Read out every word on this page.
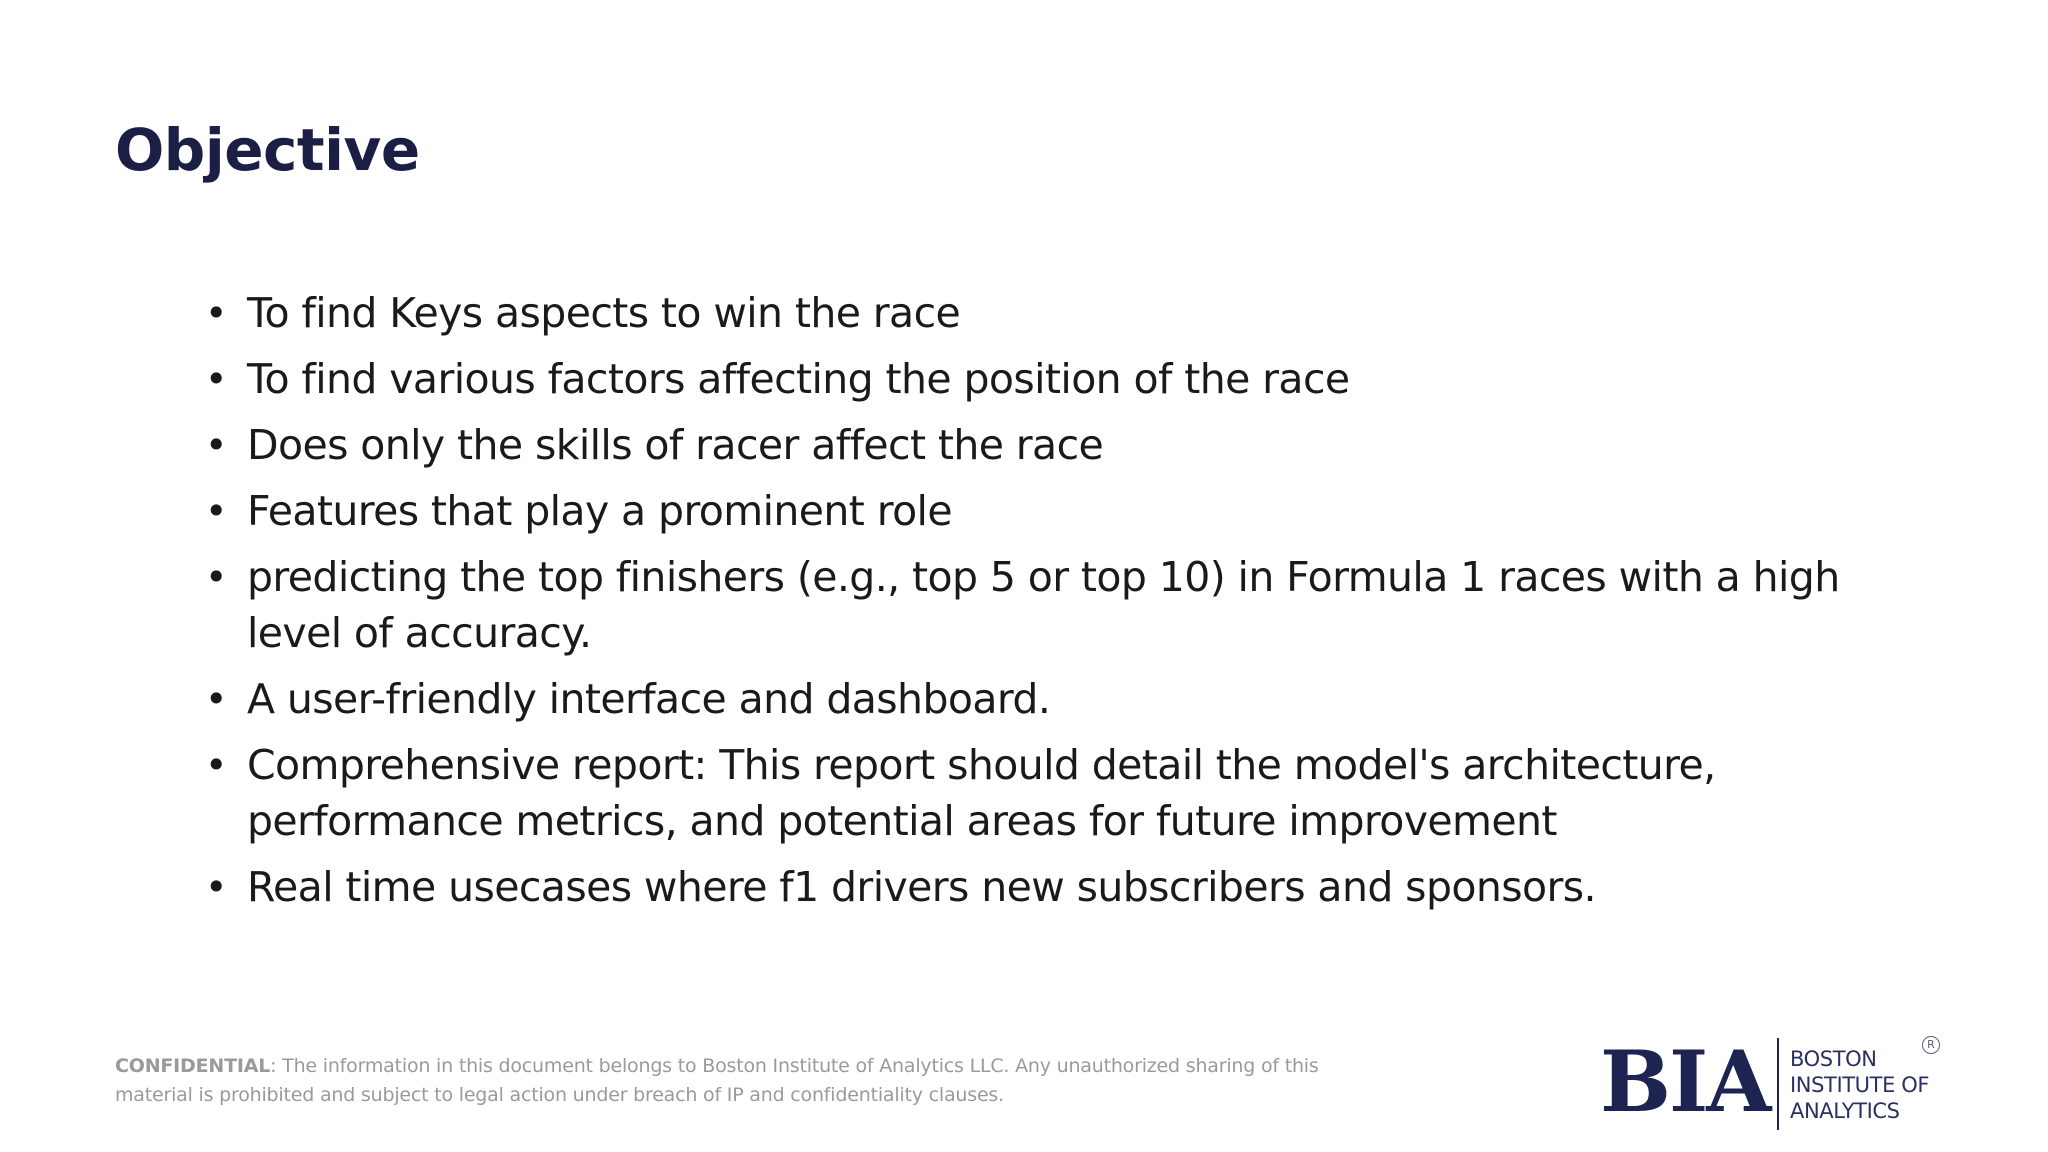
Objective
• To find Keys aspects to win the race
• To find various factors affecting the position of the race
• Does only the skills of racer affect the race
• Features that play a prominent role
• predicting the top finishers (e.g., top 5 or top 10) in Formula 1 races with a high level of accuracy.
• A user-friendly interface and dashboard.
• Comprehensive report: This report should detail the model's architecture, performance metrics, and potential areas for future improvement
• Real time usecases where f1 drivers new subscribers and sponsors.

CONFIDENTIAL: The information in this document belongs to Boston Institute of Analytics LLC. Any unauthorized sharing of this material is prohibited and subject to legal action under breach of IP and confidentiality clauses.	BIA BOSTON
INSTITUTE OF
ANALYTICS
R
